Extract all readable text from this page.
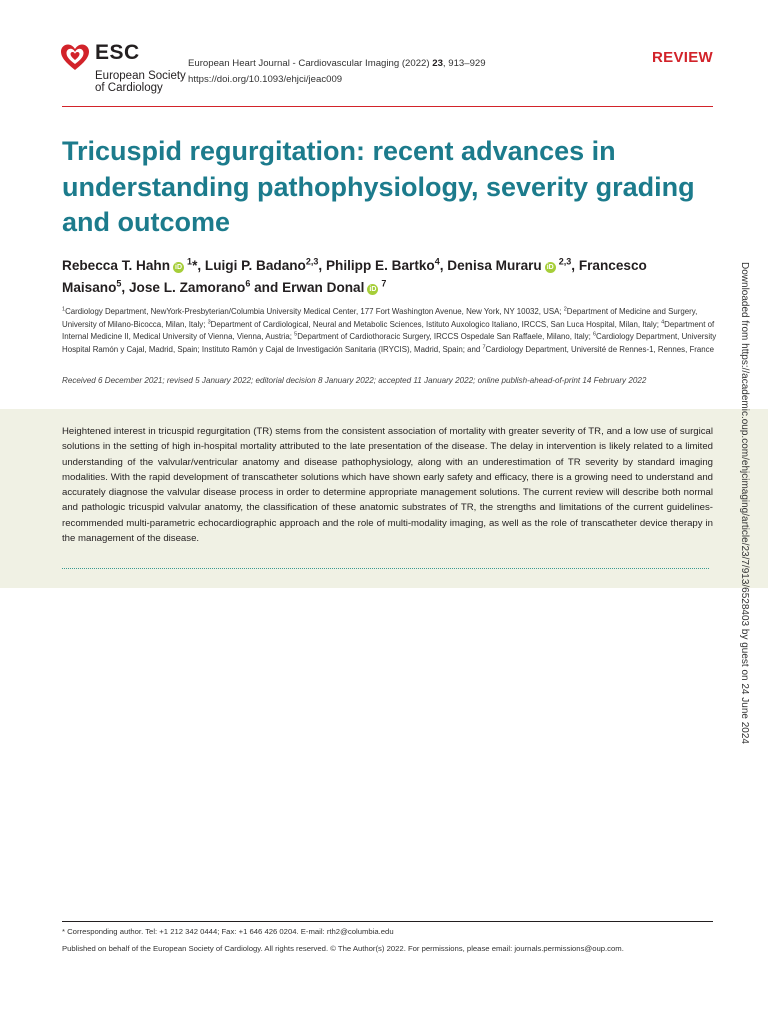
ESC
European Society
of Cardiology
European Heart Journal - Cardiovascular Imaging (2022) 23, 913–929
https://doi.org/10.1093/ehjci/jeac009
REVIEW
Tricuspid regurgitation: recent advances in understanding pathophysiology, severity grading and outcome

Rebecca T. Hahn $iD^1*$, Luigi P. Badano$^{2,3}$, Philipp E. Bartko$^4$, Denisa Muraru iD$^{2,3}$, Francesco Maisano$^5$, Jose L. Zamorano$^6$ and Erwan Donal $iD^7$

$^1$Cardiology Department, NewYork-Presbyterian/Columbia University Medical Center, 177 Fort Washington Avenue, New York, NY 10032, USA; $^2$Department of Medicine and Surgery, University of Milano-Bicocca, Milan, Italy; $^3$Department of Cardiological, Neural and Metabolic Sciences, Istituto Auxologico Italiano, IRCCS, San Luca Hospital, Milan, Italy; $^4$Department of Internal Medicine II, Medical University of Vienna, Vienna, Austria; $^5$Department of Cardiothoracic Surgery, IRCCS Ospedale San Raffaele, Milano, Italy; $^6$Cardiology Department, University Hospital Ramón y Cajal, Madrid, Spain; Instituto Ramón y Cajal de Investigación Sanitaria (IRYCIS), Madrid, Spain; and $^7$Cardiology Department, Université de Rennes-1, Rennes, France

Received 6 December 2021; revised 5 January 2022; editorial decision 8 January 2022; accepted 11 January 2022; online publish-ahead-of-print 14 February 2022

Heightened interest in tricuspid regurgitation (TR) stems from the consistent association of mortality with greater severity of TR, and a low use of surgical solutions in the setting of high in-hospital mortality attributed to the late presentation of the disease. The delay in intervention is likely related to a limited understanding of the valvular/ventricular anatomy and disease pathophysiology, along with an underestimation of TR severity by standard imaging modalities. With the rapid development of transcatheter solutions which have shown early safety and efficacy, there is a growing need to understand and accurately diagnose the valvular disease process in order to determine appropriate management solutions. The current review will describe both normal and pathologic tricuspid valvular anatomy, the classification of these anatomic substrates of TR, the strengths and limitations of the current guidelines-recommended multi-parametric echocardiographic approach and the role of multi-modality imaging, as well as the role of transcatheter device therapy in the management of the disease.	Downloaded from https://academic.oup.com/ehjcimaging/article/23/7/913/6528403 by guest on 24 June 2024

* Corresponding author. Tel: +1 212 342 0444; Fax: +1 646 426 0204. E-mail: rth2@columbia.edu

Published on behalf of the European Society of Cardiology. All rights reserved. © The Author(s) 2022. For permissions, please email: journals.permissions@oup.com.
